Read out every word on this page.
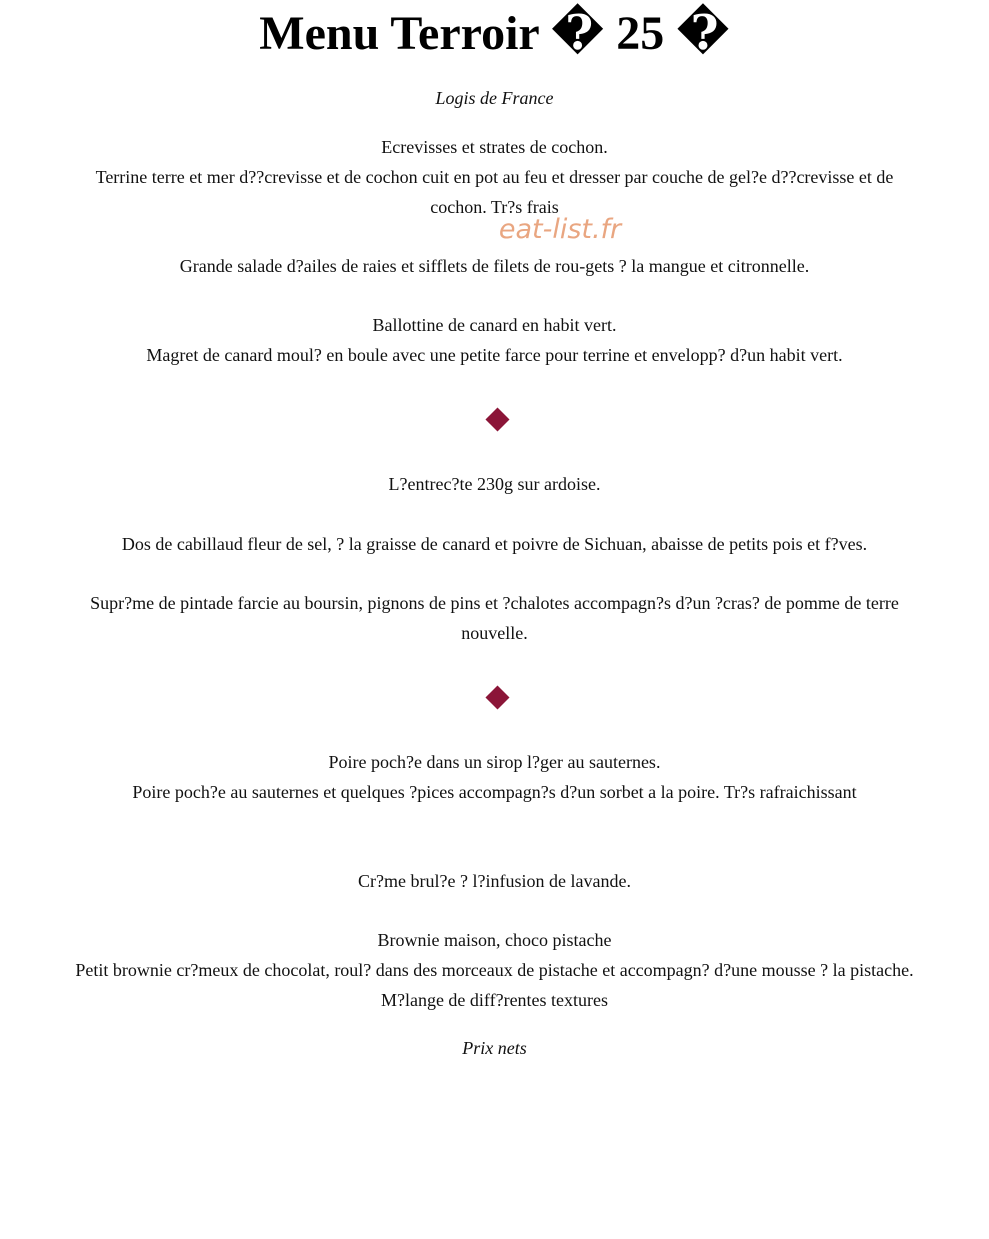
Menu Terroir � 25 �
Logis de France
Ecrevisses et strates de cochon.
Terrine terre et mer d??crevisse et de cochon cuit en pot au feu et dresser par couche de gel?e d??crevisse et de
cochon. Tr?s frais
eat-list.fr
Grande salade d?ailes de raies et sifflets de filets de rou-gets ? la mangue et citronnelle.
Ballottine de canard en habit vert.
Magret de canard moul? en boule avec une petite farce pour terrine et envelopp? d?un habit vert.
L?entrec?te 230g sur ardoise.
Dos de cabillaud fleur de sel, ? la graisse de canard et poivre de Sichuan, abaisse de petits pois et f?ves.
Supr?me de pintade farcie au boursin, pignons de pins et ?chalotes accompagn?s d?un ?cras? de pomme de terre
nouvelle.
Poire poch?e dans un sirop l?ger au sauternes.
Poire poch?e au sauternes et quelques ?pices accompagn?s d?un sorbet a la poire. Tr?s rafraichissant
Cr?me brul?e ? l?infusion de lavande.
Brownie maison, choco pistache
Petit brownie cr?meux de chocolat, roul? dans des morceaux de pistache et accompagn? d?une mousse ? la pistache.
M?lange de diff?rentes textures
Prix nets
